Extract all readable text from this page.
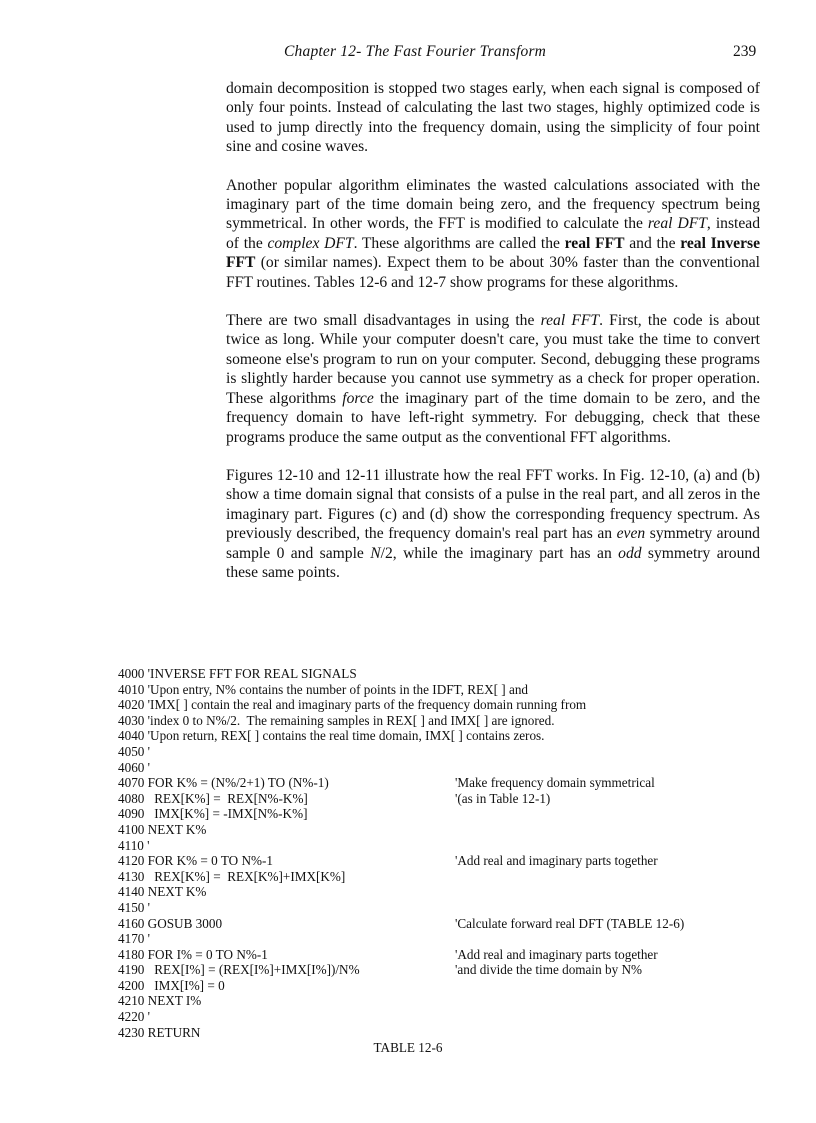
Chapter 12- The Fast Fourier Transform	239

domain decomposition is stopped two stages early, when each signal is composed of only four points. Instead of calculating the last two stages, highly optimized code is used to jump directly into the frequency domain, using the simplicity of four point sine and cosine waves.

Another popular algorithm eliminates the wasted calculations associated with the imaginary part of the time domain being zero, and the frequency spectrum being symmetrical. In other words, the FFT is modified to calculate the real DFT, instead of the complex DFT. These algorithms are called the real FFT and the real Inverse FFT (or similar names). Expect them to be about 30% faster than the conventional FFT routines. Tables 12-6 and 12-7 show programs for these algorithms.

There are two small disadvantages in using the real FFT. First, the code is about twice as long. While your computer doesn't care, you must take the time to convert someone else's program to run on your computer. Second, debugging these programs is slightly harder because you cannot use symmetry as a check for proper operation. These algorithms force the imaginary part of the time domain to be zero, and the frequency domain to have left-right symmetry. For debugging, check that these programs produce the same output as the conventional FFT algorithms.

Figures 12-10 and 12-11 illustrate how the real FFT works. In Fig. 12-10, (a) and (b) show a time domain signal that consists of a pulse in the real part, and all zeros in the imaginary part. Figures (c) and (d) show the corresponding frequency spectrum. As previously described, the frequency domain's real part has an even symmetry around sample 0 and sample N/2, while the imaginary part has an odd symmetry around these same points.

4000 'INVERSE FFT FOR REAL SIGNALS
4010 'Upon entry, N% contains the number of points in the IDFT, REX[ ] and
4020 'IMX[ ] contain the real and imaginary parts of the frequency domain running from
4030 'index 0 to N%/2.  The remaining samples in REX[ ] and IMX[ ] are ignored.
4040 'Upon return, REX[ ] contains the real time domain, IMX[ ] contains zeros.
4050 '
4060 '
4070 FOR K% = (N%/2+1) TO (N%-1)	'Make frequency domain symmetrical
4080   REX[K%] =  REX[N%-K%]	'(as in Table 12-1)
4090   IMX[K%] = -IMX[N%-K%]
4100 NEXT K%
4110 '
4120 FOR K% = 0 TO N%-1	'Add real and imaginary parts together
4130   REX[K%] =  REX[K%]+IMX[K%]
4140 NEXT K%
4150 '
4160 GOSUB 3000	'Calculate forward real DFT (TABLE 12-6)
4170 '
4180 FOR I% = 0 TO N%-1	'Add real and imaginary parts together
4190   REX[I%] = (REX[I%]+IMX[I%])/N%	'and divide the time domain by N%
4200   IMX[I%] = 0
4210 NEXT I%
4220 '
4230 RETURN
TABLE 12-6
